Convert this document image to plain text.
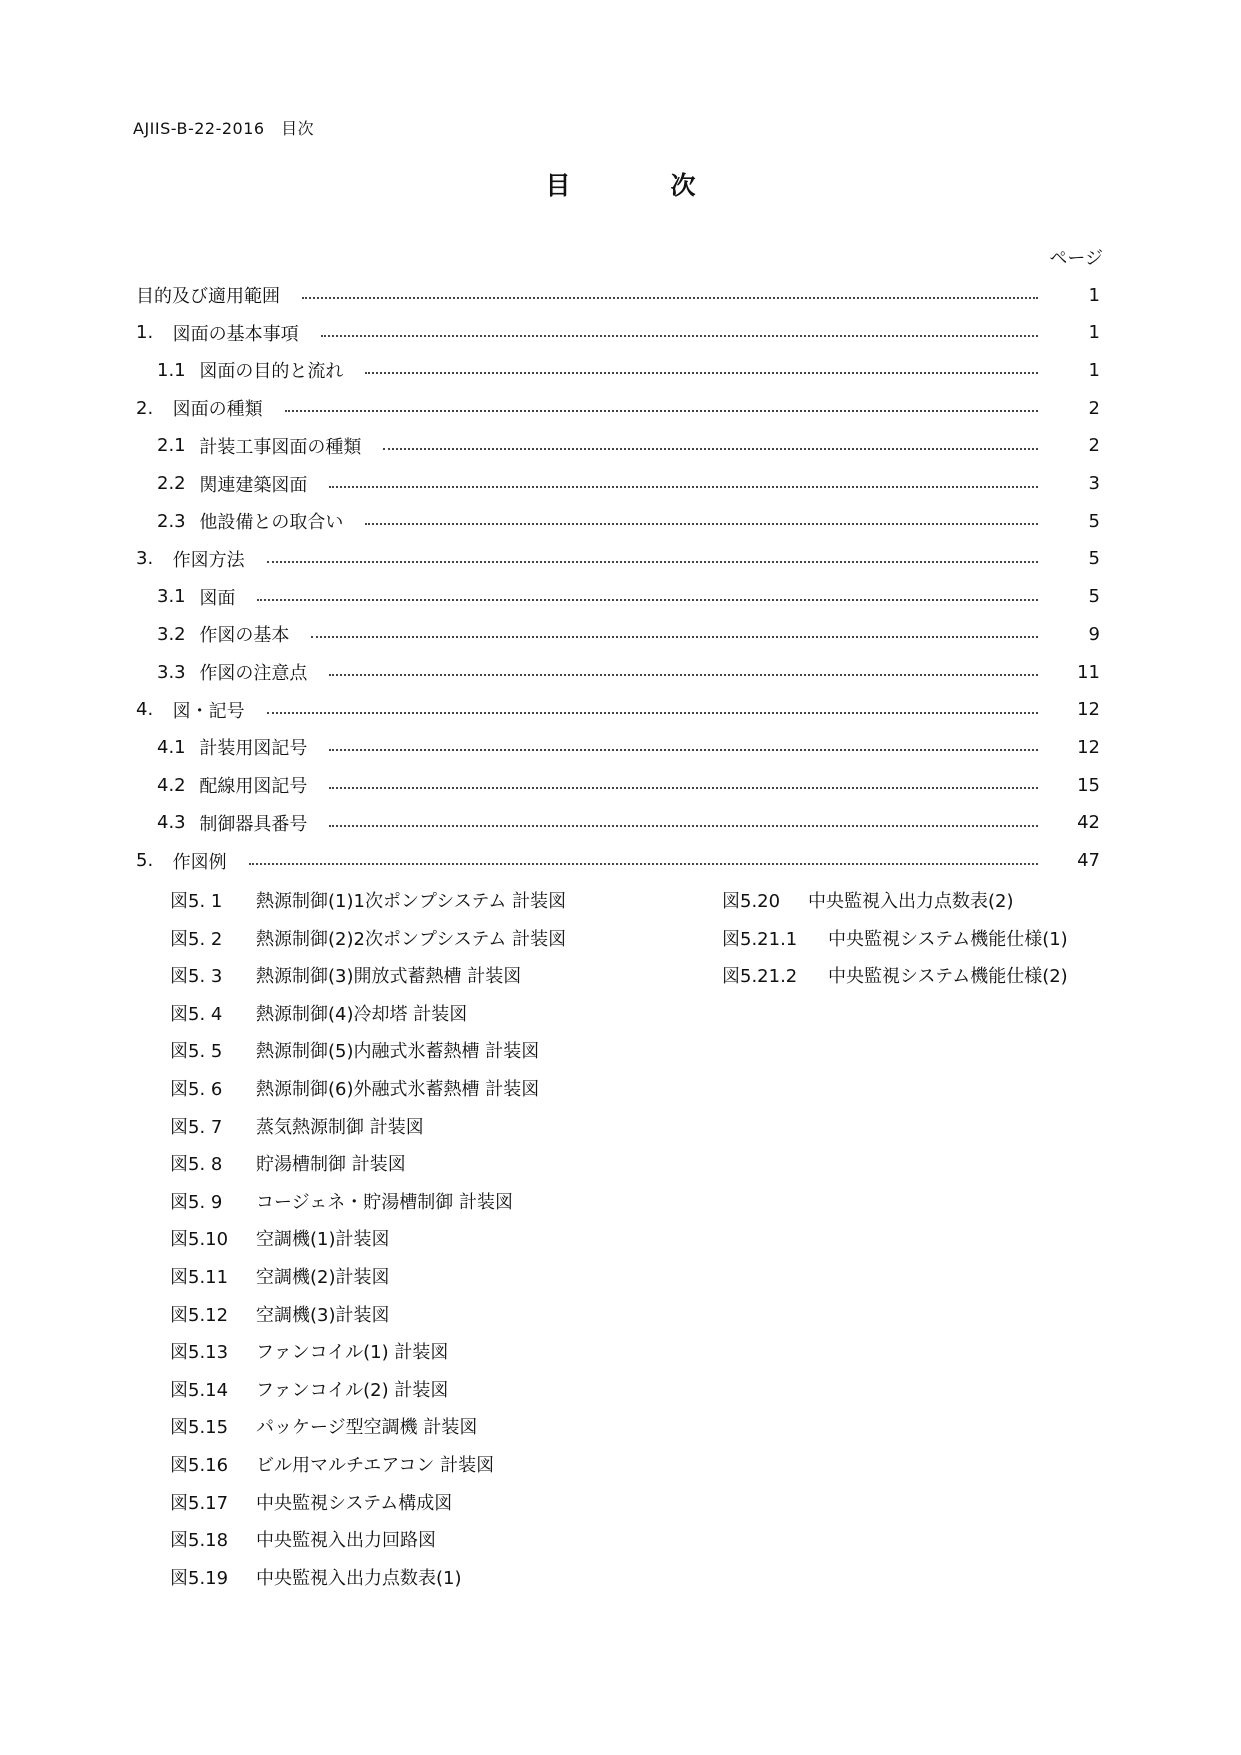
AJIIS-B-22-2016　目次
目次
ページ
目的及び適用範囲	1
1. 図面の基本事項	1
1.1 図面の目的と流れ	1
2. 図面の種類	2
2.1 計装工事図面の種類	2
2.2 関連建築図面	3
2.3 他設備との取合い	5
3. 作図方法	5
3.1 図面	5
3.2 作図の基本	9
3.3 作図の注意点	11
4. 図・記号	12
4.1 計装用図記号	12
4.2 配線用図記号	15
4.3 制御器具番号	42
5. 作図例	47
図5. 1	熱源制御(1)1次ポンプシステム 計装図
図5. 2	熱源制御(2)2次ポンプシステム 計装図
図5. 3	熱源制御(3)開放式蓄熱槽 計装図
図5. 4	熱源制御(4)冷却塔 計装図
図5. 5	熱源制御(5)内融式氷蓄熱槽 計装図
図5. 6	熱源制御(6)外融式氷蓄熱槽 計装図
図5. 7	蒸気熱源制御 計装図
図5. 8	貯湯槽制御 計装図
図5. 9	コージェネ・貯湯槽制御 計装図
図5.10	空調機(1)計装図
図5.11	空調機(2)計装図
図5.12	空調機(3)計装図
図5.13	ファンコイル(1) 計装図
図5.14	ファンコイル(2) 計装図
図5.15	パッケージ型空調機 計装図
図5.16	ビル用マルチエアコン 計装図
図5.17	中央監視システム構成図
図5.18	中央監視入出力回路図
図5.19	中央監視入出力点数表(1)
図5.20	中央監視入出力点数表(2)
図5.21.1	中央監視システム機能仕様(1)
図5.21.2	中央監視システム機能仕様(2)
